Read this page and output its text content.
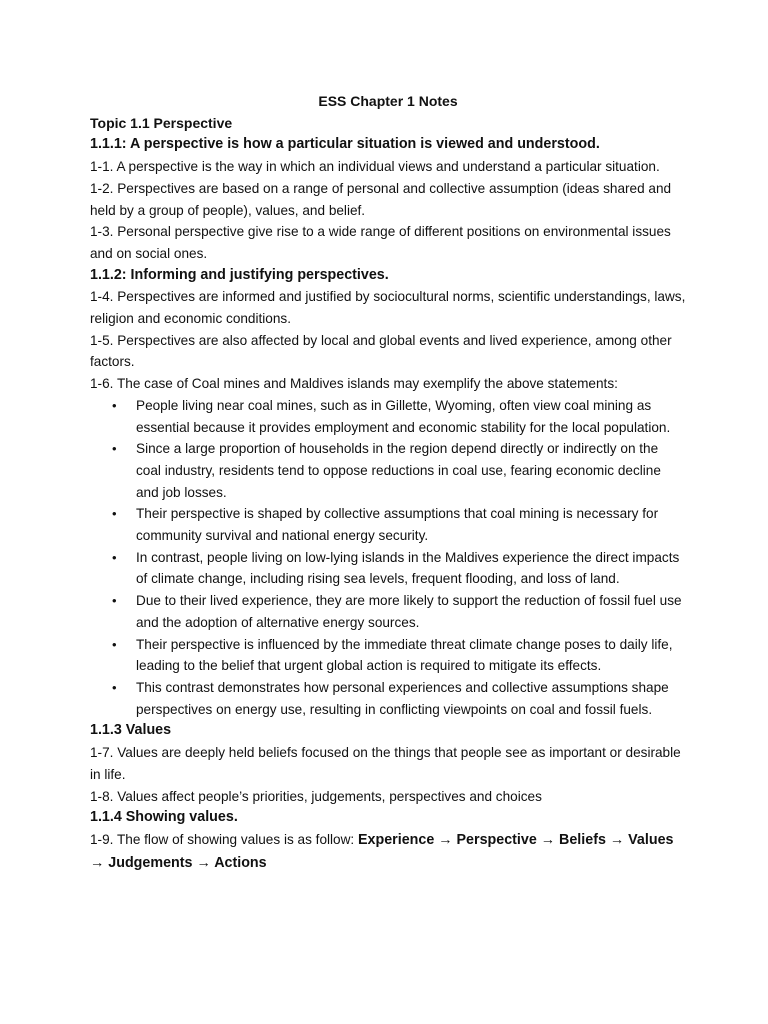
ESS Chapter 1 Notes
Topic 1.1 Perspective
1.1.1: A perspective is how a particular situation is viewed and understood.

1-1. A perspective is the way in which an individual views and understand a particular situation.

1-2. Perspectives are based on a range of personal and collective assumption (ideas shared and held by a group of people), values, and belief.

1-3. Personal perspective give rise to a wide range of different positions on environmental issues and on social ones.

1.1.2: Informing and justifying perspectives.

1-4. Perspectives are informed and justified by sociocultural norms, scientific understandings, laws, religion and economic conditions.

1-5. Perspectives are also affected by local and global events and lived experience, among other factors.

1-6. The case of Coal mines and Maldives islands may exemplify the above statements:

• People living near coal mines, such as in Gillette, Wyoming, often view coal mining as essential because it provides employment and economic stability for the local population.
• Since a large proportion of households in the region depend directly or indirectly on the coal industry, residents tend to oppose reductions in coal use, fearing economic decline and job losses.
• Their perspective is shaped by collective assumptions that coal mining is necessary for community survival and national energy security.
• In contrast, people living on low-lying islands in the Maldives experience the direct impacts of climate change, including rising sea levels, frequent flooding, and loss of land.
• Due to their lived experience, they are more likely to support the reduction of fossil fuel use and the adoption of alternative energy sources.
• Their perspective is influenced by the immediate threat climate change poses to daily life, leading to the belief that urgent global action is required to mitigate its effects.
• This contrast demonstrates how personal experiences and collective assumptions shape perspectives on energy use, resulting in conflicting viewpoints on coal and fossil fuels.
1.1.3 Values

1-7. Values are deeply held beliefs focused on the things that people see as important or desirable in life.

1-8. Values affect people’s priorities, judgements, perspectives and choices

1.1.4 Showing values.

1-9. The flow of showing values is as follow: Experience → Perspective → Beliefs → Values → Judgements → Actions
